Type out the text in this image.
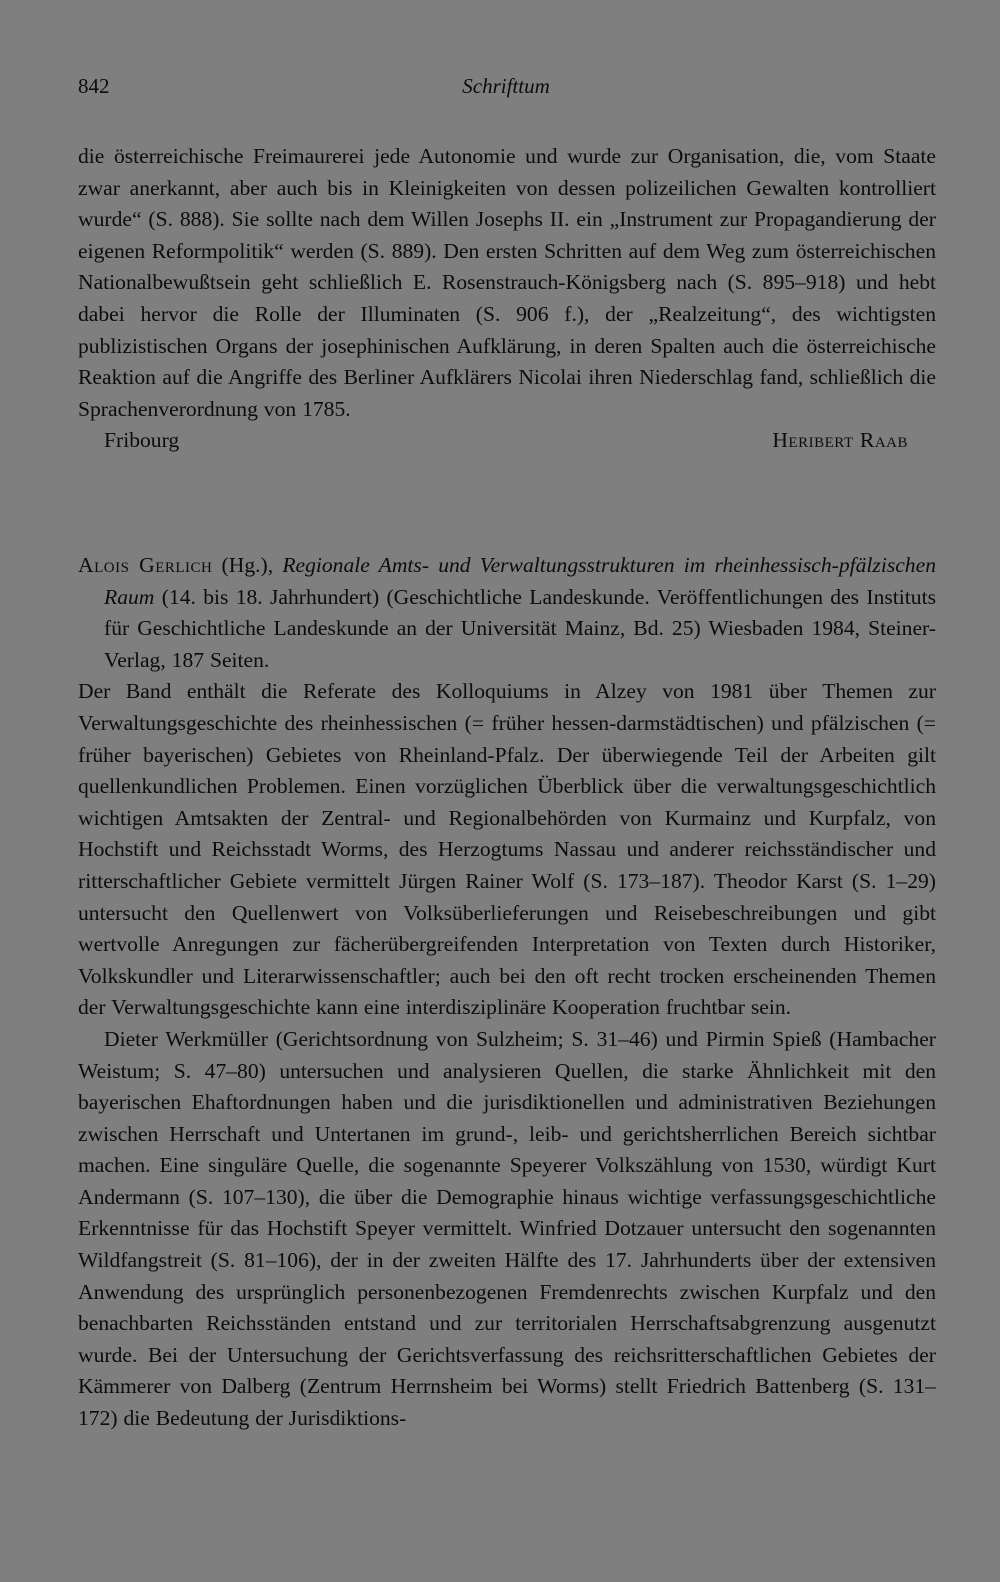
842	Schrifttum

die österreichische Freimaurerei jede Autonomie und wurde zur Organisation, die, vom Staate zwar anerkannt, aber auch bis in Kleinigkeiten von dessen polizeilichen Gewalten kontrolliert wurde“ (S. 888). Sie sollte nach dem Willen Josephs II. ein „Instrument zur Propagandierung der eigenen Reformpolitik“ werden (S. 889). Den ersten Schritten auf dem Weg zum österreichischen Nationalbewußtsein geht schließlich E. Rosenstrauch-Königsberg nach (S. 895–918) und hebt dabei hervor die Rolle der Illuminaten (S. 906 f.), der „Realzeitung“, des wichtigsten publizistischen Organs der josephinischen Aufklärung, in deren Spalten auch die österreichische Reaktion auf die Angriffe des Berliner Aufklärers Nicolai ihren Niederschlag fand, schließlich die Sprachenverordnung von 1785.

Fribourg	Heribert Raab

Alois Gerlich (Hg.), Regionale Amts- und Verwaltungsstrukturen im rheinhessisch-pfälzischen Raum (14. bis 18. Jahrhundert) (Geschichtliche Landeskunde. Veröffentlichungen des Instituts für Geschichtliche Landeskunde an der Universität Mainz, Bd. 25) Wiesbaden 1984, Steiner-Verlag, 187 Seiten.

Der Band enthält die Referate des Kolloquiums in Alzey von 1981 über Themen zur Verwaltungsgeschichte des rheinhessischen (= früher hessen-darmstädtischen) und pfälzischen (= früher bayerischen) Gebietes von Rheinland-Pfalz. Der überwiegende Teil der Arbeiten gilt quellenkundlichen Problemen. Einen vorzüglichen Überblick über die verwaltungsgeschichtlich wichtigen Amtsakten der Zentral- und Regionalbehörden von Kurmainz und Kurpfalz, von Hochstift und Reichsstadt Worms, des Herzogtums Nassau und anderer reichsständischer und ritterschaftlicher Gebiete vermittelt Jürgen Rainer Wolf (S. 173–187). Theodor Karst (S. 1–29) untersucht den Quellenwert von Volksüberlieferungen und Reisebeschreibungen und gibt wertvolle Anregungen zur fächerübergreifenden Interpretation von Texten durch Historiker, Volkskundler und Literarwissenschaftler; auch bei den oft recht trocken erscheinenden Themen der Verwaltungsgeschichte kann eine interdisziplinäre Kooperation fruchtbar sein.

Dieter Werkmüller (Gerichtsordnung von Sulzheim; S. 31–46) und Pirmin Spieß (Hambacher Weistum; S. 47–80) untersuchen und analysieren Quellen, die starke Ähnlichkeit mit den bayerischen Ehaftordnungen haben und die jurisdiktionellen und administrativen Beziehungen zwischen Herrschaft und Untertanen im grund-, leib- und gerichtsherrlichen Bereich sichtbar machen. Eine singuläre Quelle, die sogenannte Speyerer Volkszählung von 1530, würdigt Kurt Andermann (S. 107–130), die über die Demographie hinaus wichtige verfassungsgeschichtliche Erkenntnisse für das Hochstift Speyer vermittelt. Winfried Dotzauer untersucht den sogenannten Wildfangstreit (S. 81–106), der in der zweiten Hälfte des 17. Jahrhunderts über der extensiven Anwendung des ursprünglich personenbezogenen Fremdenrechts zwischen Kurpfalz und den benachbarten Reichsständen entstand und zur territorialen Herrschaftsabgrenzung ausgenutzt wurde. Bei der Untersuchung der Gerichtsverfassung des reichsritterschaftlichen Gebietes der Kämmerer von Dalberg (Zentrum Herrnsheim bei Worms) stellt Friedrich Battenberg (S. 131–172) die Bedeutung der Jurisdiktions-
